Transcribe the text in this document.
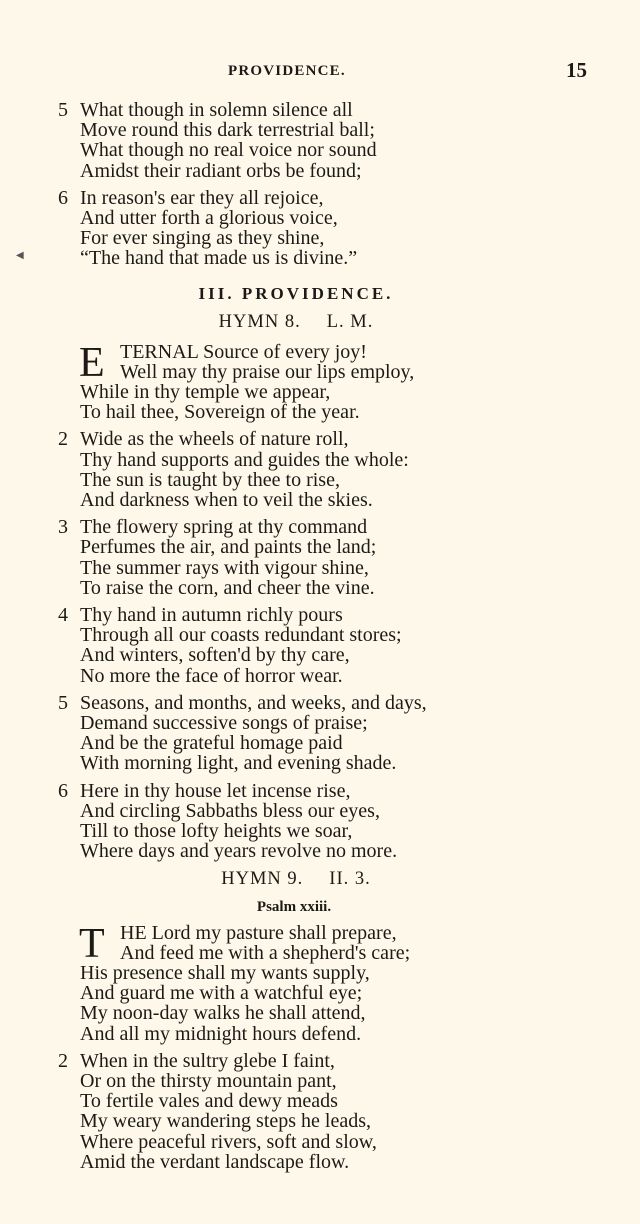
PROVIDENCE.	15
◀
5 What though in solemn silence all
Move round this dark terrestrial ball;
What though no real voice nor sound
Amidst their radiant orbs be found;
6 In reason's ear they all rejoice,
And utter forth a glorious voice,
For ever singing as they shine,
“The hand that made us is divine.”
III. PROVIDENCE.
HYMN 8. L. M.
E TERNAL Source of every joy!
Well may thy praise our lips employ,
While in thy temple we appear,
To hail thee, Sovereign of the year.
2 Wide as the wheels of nature roll,
Thy hand supports and guides the whole:
The sun is taught by thee to rise,
And darkness when to veil the skies.
3 The flowery spring at thy command
Perfumes the air, and paints the land;
The summer rays with vigour shine,
To raise the corn, and cheer the vine.
4 Thy hand in autumn richly pours
Through all our coasts redundant stores;
And winters, soften'd by thy care,
No more the face of horror wear.
5 Seasons, and months, and weeks, and days,
Demand successive songs of praise;
And be the grateful homage paid
With morning light, and evening shade.
6 Here in thy house let incense rise,
And circling Sabbaths bless our eyes,
Till to those lofty heights we soar,
Where days and years revolve no more.
HYMN 9. II. 3.
Psalm xxiii.
T HE Lord my pasture shall prepare,
And feed me with a shepherd's care;
His presence shall my wants supply,
And guard me with a watchful eye;
My noon-day walks he shall attend,
And all my midnight hours defend.
2 When in the sultry glebe I faint,
Or on the thirsty mountain pant,
To fertile vales and dewy meads
My weary wandering steps he leads,
Where peaceful rivers, soft and slow,
Amid the verdant landscape flow.
